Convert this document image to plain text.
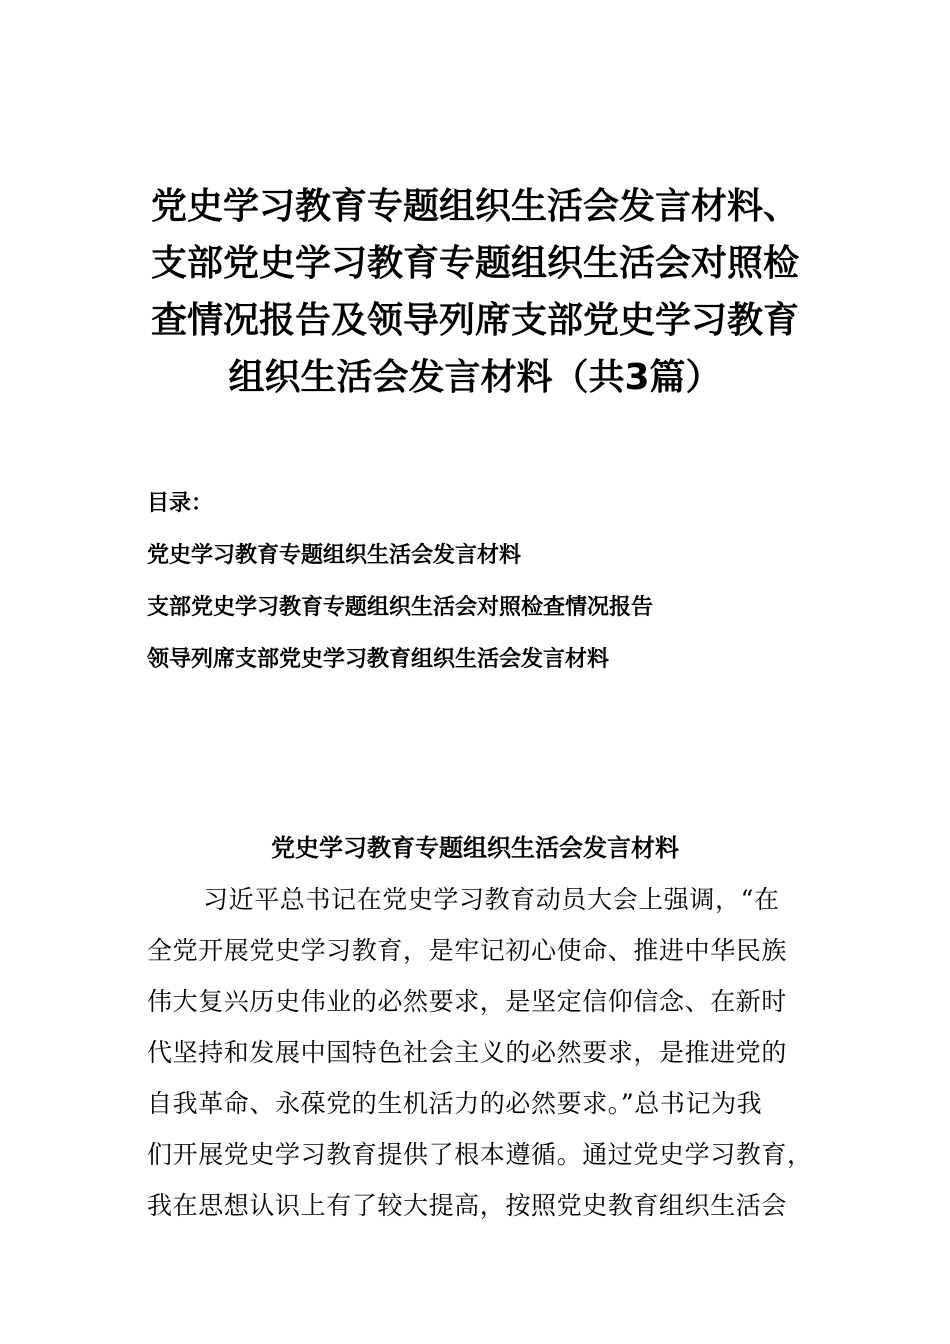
党史学习教育专题组织生活会发言材料、
支部党史学习教育专题组织生活会对照检
查情况报告及领导列席支部党史学习教育
组织生活会发言材料（共3篇）
目录：
党史学习教育专题组织生活会发言材料
支部党史学习教育专题组织生活会对照检查情况报告
领导列席支部党史学习教育组织生活会发言材料
党史学习教育专题组织生活会发言材料
习近平总书记在党史学习教育动员大会上强调，“在
全党开展党史学习教育，是牢记初心使命、推进中华民族
伟大复兴历史伟业的必然要求，是坚定信仰信念、在新时
代坚持和发展中国特色社会主义的必然要求，是推进党的
自我革命、永葆党的生机活力的必然要求。”总书记为我
们开展党史学习教育提供了根本遵循。通过党史学习教育，
我在思想认识上有了较大提高，按照党史教育组织生活会
